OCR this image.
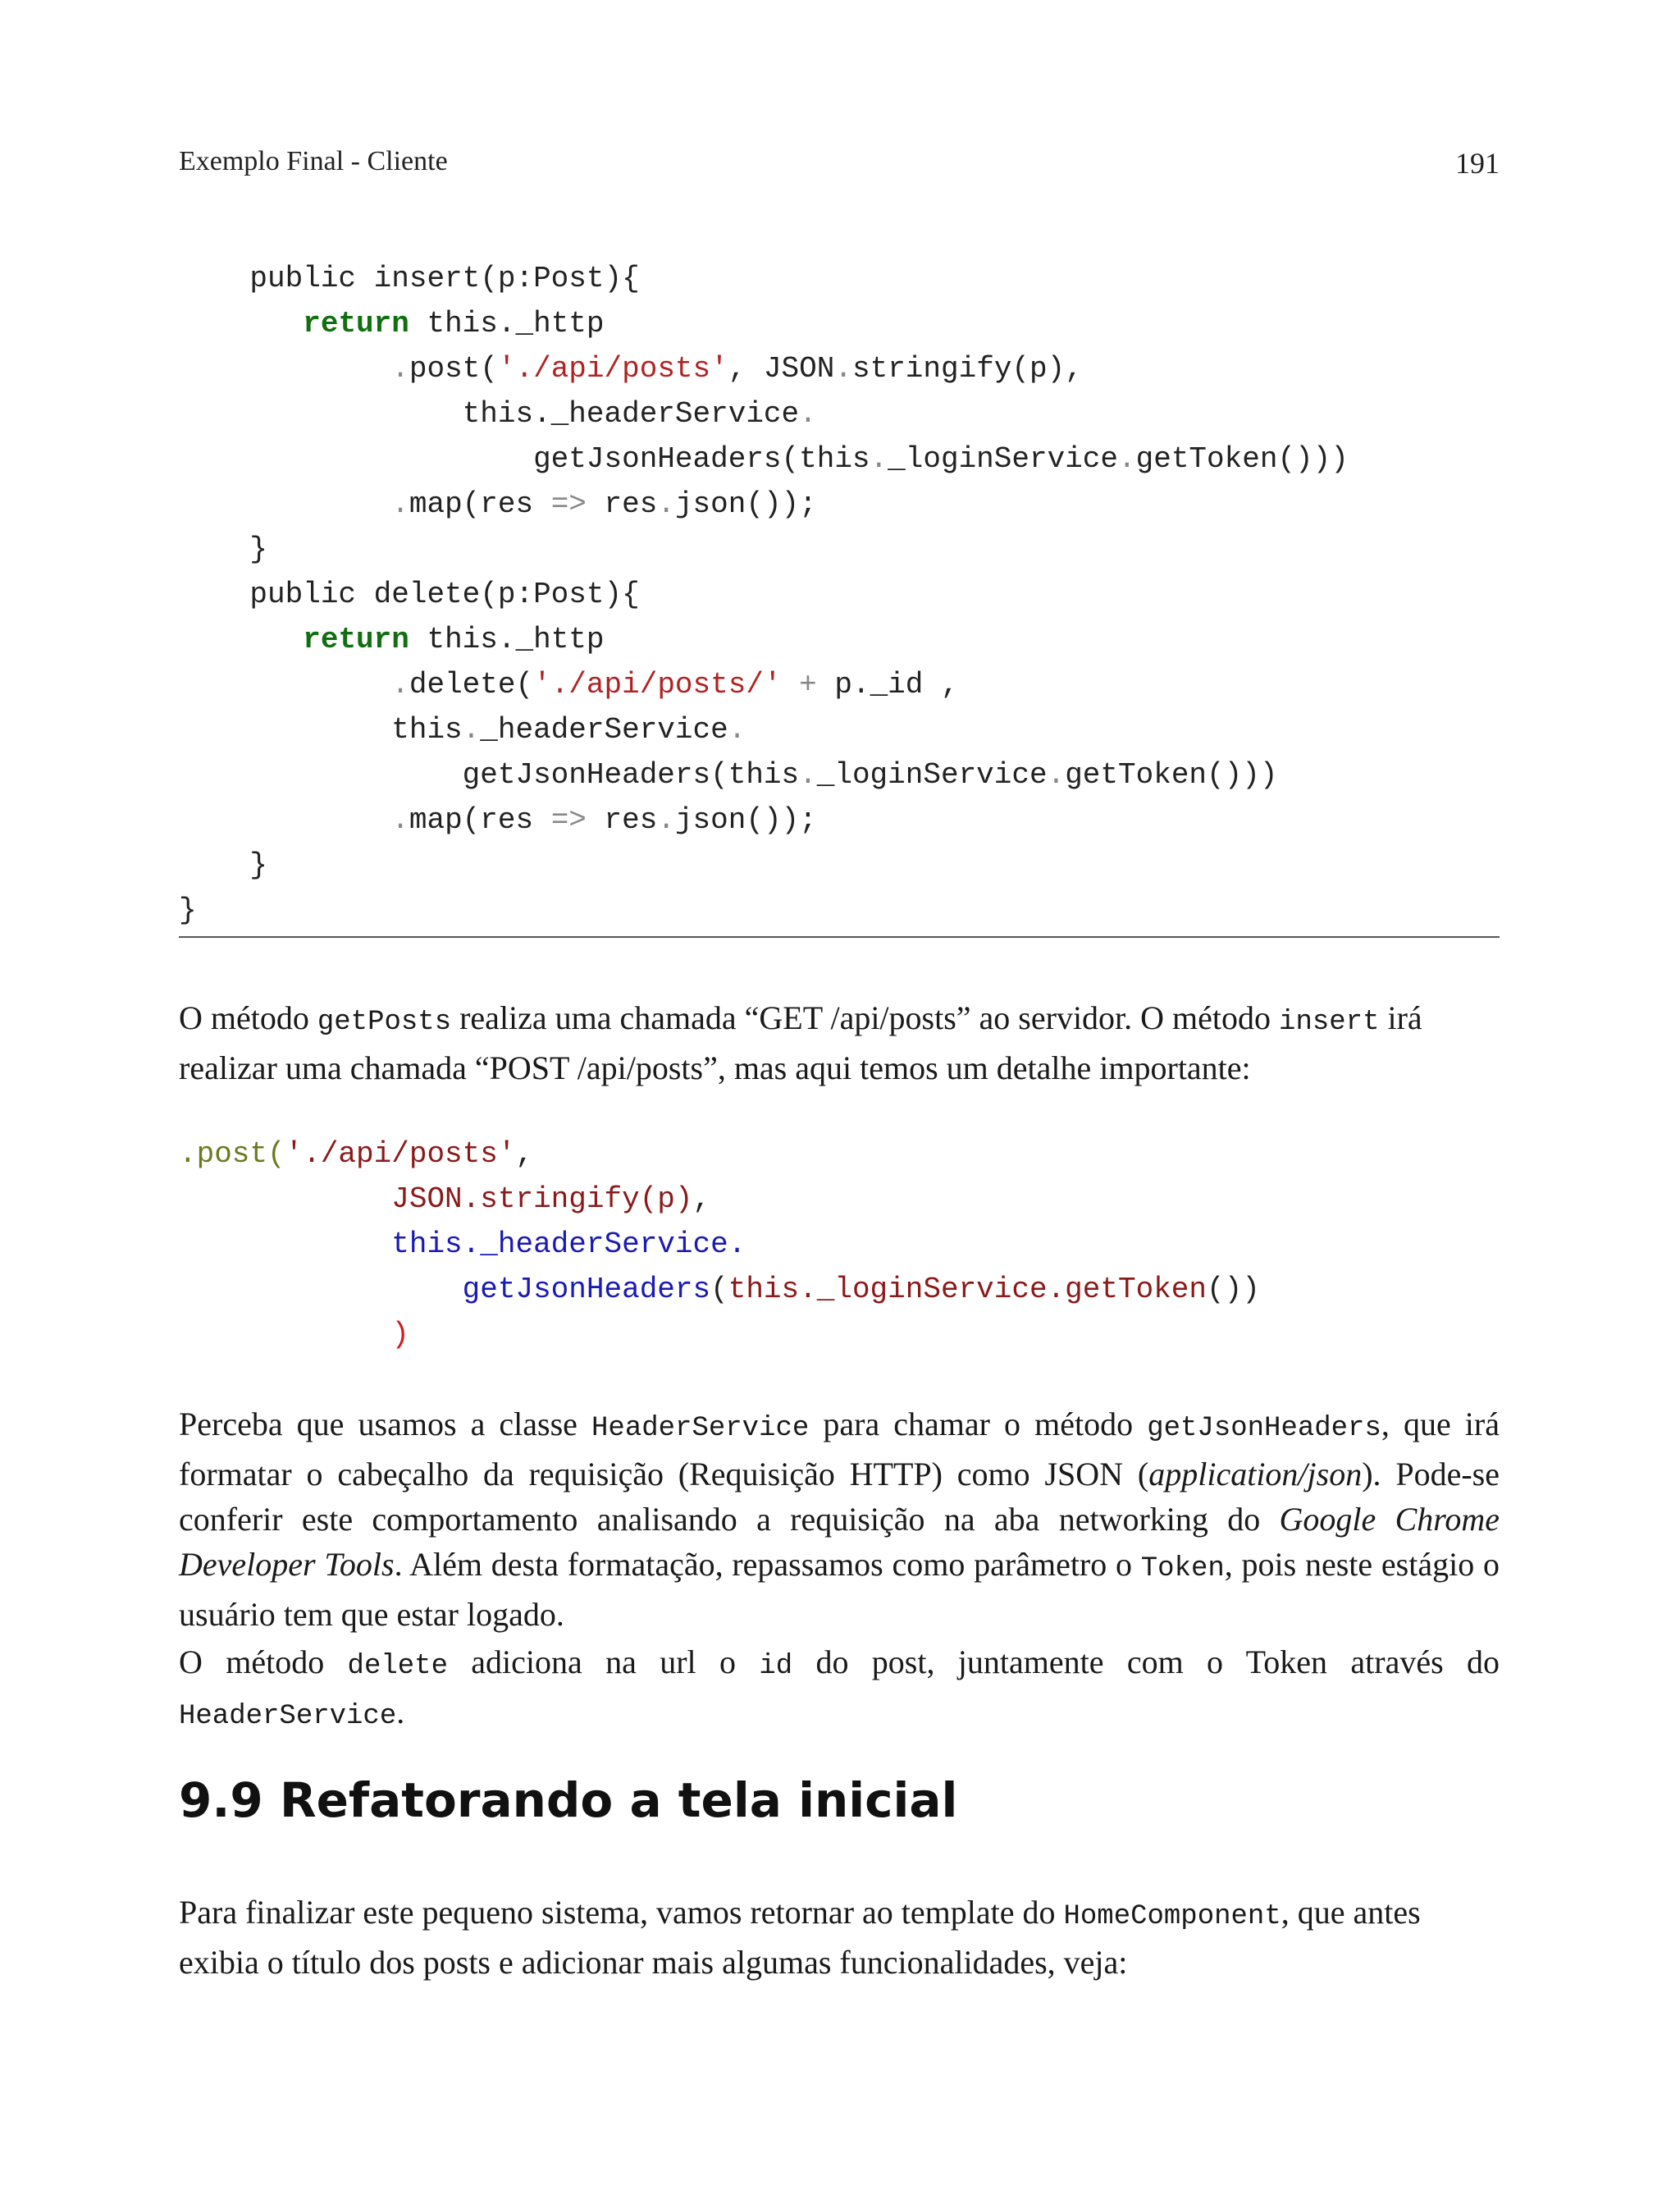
Exemplo Final - Cliente	191
public insert(p:Post){
return this._http
.post('./api/posts', JSON.stringify(p),
this._headerService.
getJsonHeaders(this._loginService.getToken()))
.map(res => res.json());
}
public delete(p:Post){
return this._http
.delete('./api/posts/' + p._id ,
this._headerService.
getJsonHeaders(this._loginService.getToken()))
.map(res => res.json());
}
}

O método getPosts realiza uma chamada “GET /api/posts” ao servidor. O método insert irá realizar uma chamada “POST /api/posts”, mas aqui temos um detalhe importante:

.post('./api/posts',
JSON.stringify(p),
this._headerService.
getJsonHeaders(this._loginService.getToken())
)

Perceba que usamos a classe HeaderService para chamar o método getJsonHeaders, que irá formatar o cabeçalho da requisição (Requisição HTTP) como JSON (application/json). Pode-se conferir este comportamento analisando a requisição na aba networking do Google Chrome Developer Tools. Além desta formatação, repassamos como parâmetro o Token, pois neste estágio o usuário tem que estar logado.

O método delete adiciona na url o id do post, juntamente com o Token através do HeaderService.

9.9 Refatorando a tela inicial

Para finalizar este pequeno sistema, vamos retornar ao template do HomeComponent, que antes exibia o título dos posts e adicionar mais algumas funcionalidades, veja:
